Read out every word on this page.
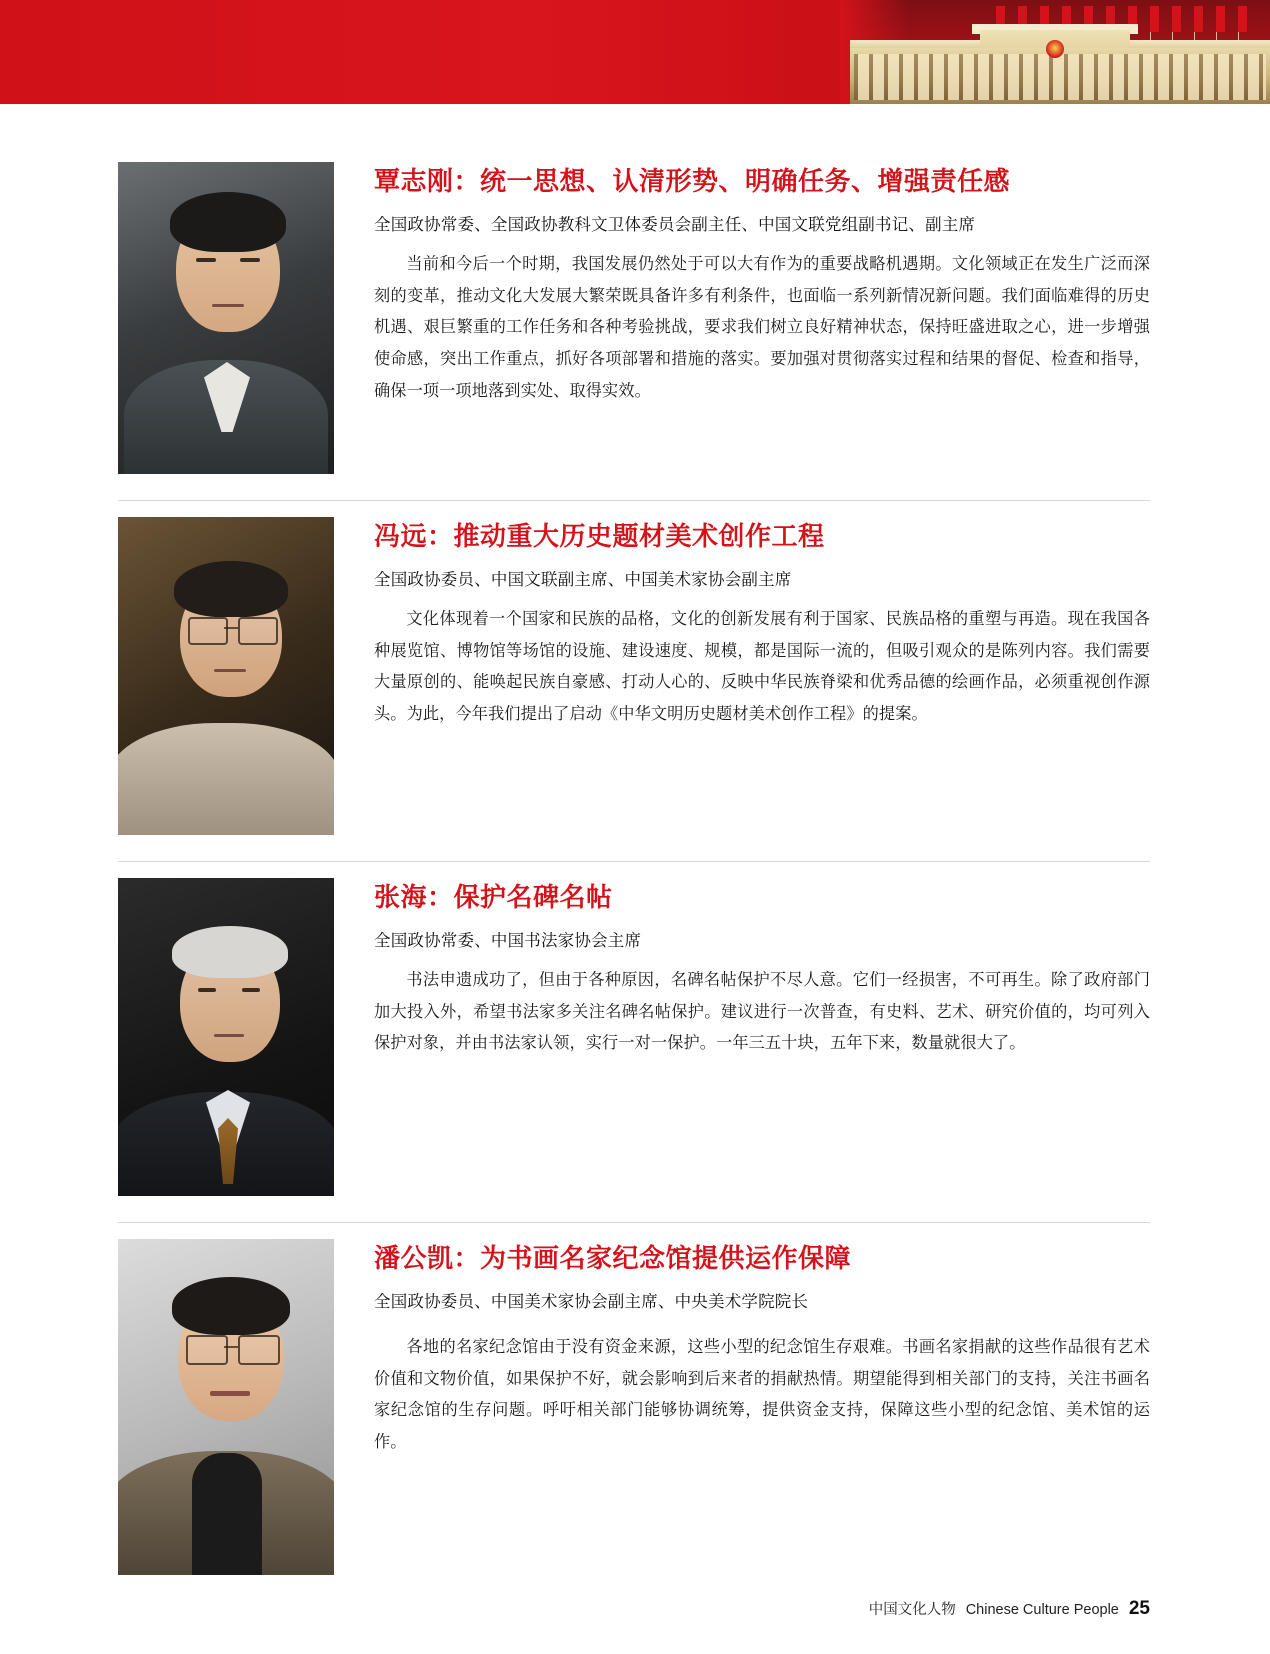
覃志刚：统一思想、认清形势、明确任务、增强责任感
全国政协常委、全国政协教科文卫体委员会副主任、中国文联党组副书记、副主席

当前和今后一个时期，我国发展仍然处于可以大有作为的重要战略机遇期。文化领域正在发生广泛而深刻的变革，推动文化大发展大繁荣既具备许多有利条件，也面临一系列新情况新问题。我们面临难得的历史机遇、艰巨繁重的工作任务和各种考验挑战，要求我们树立良好精神状态，保持旺盛进取之心，进一步增强使命感，突出工作重点，抓好各项部署和措施的落实。要加强对贯彻落实过程和结果的督促、检查和指导，确保一项一项地落到实处、取得实效。

冯远：推动重大历史题材美术创作工程
全国政协委员、中国文联副主席、中国美术家协会副主席

文化体现着一个国家和民族的品格，文化的创新发展有利于国家、民族品格的重塑与再造。现在我国各种展览馆、博物馆等场馆的设施、建设速度、规模，都是国际一流的，但吸引观众的是陈列内容。我们需要大量原创的、能唤起民族自豪感、打动人心的、反映中华民族脊梁和优秀品德的绘画作品，必须重视创作源头。为此，今年我们提出了启动《中华文明历史题材美术创作工程》的提案。

张海：保护名碑名帖
全国政协常委、中国书法家协会主席

书法申遗成功了，但由于各种原因，名碑名帖保护不尽人意。它们一经损害，不可再生。除了政府部门加大投入外，希望书法家多关注名碑名帖保护。建议进行一次普查，有史料、艺术、研究价值的，均可列入保护对象，并由书法家认领，实行一对一保护。一年三五十块，五年下来，数量就很大了。

潘公凯：为书画名家纪念馆提供运作保障
全国政协委员、中国美术家协会副主席、中央美术学院院长

各地的名家纪念馆由于没有资金来源，这些小型的纪念馆生存艰难。书画名家捐献的这些作品很有艺术价值和文物价值，如果保护不好，就会影响到后来者的捐献热情。期望能得到相关部门的支持，关注书画名家纪念馆的生存问题。呼吁相关部门能够协调统筹，提供资金支持，保障这些小型的纪念馆、美术馆的运作。

中国文化人物 Chinese Culture People 25
